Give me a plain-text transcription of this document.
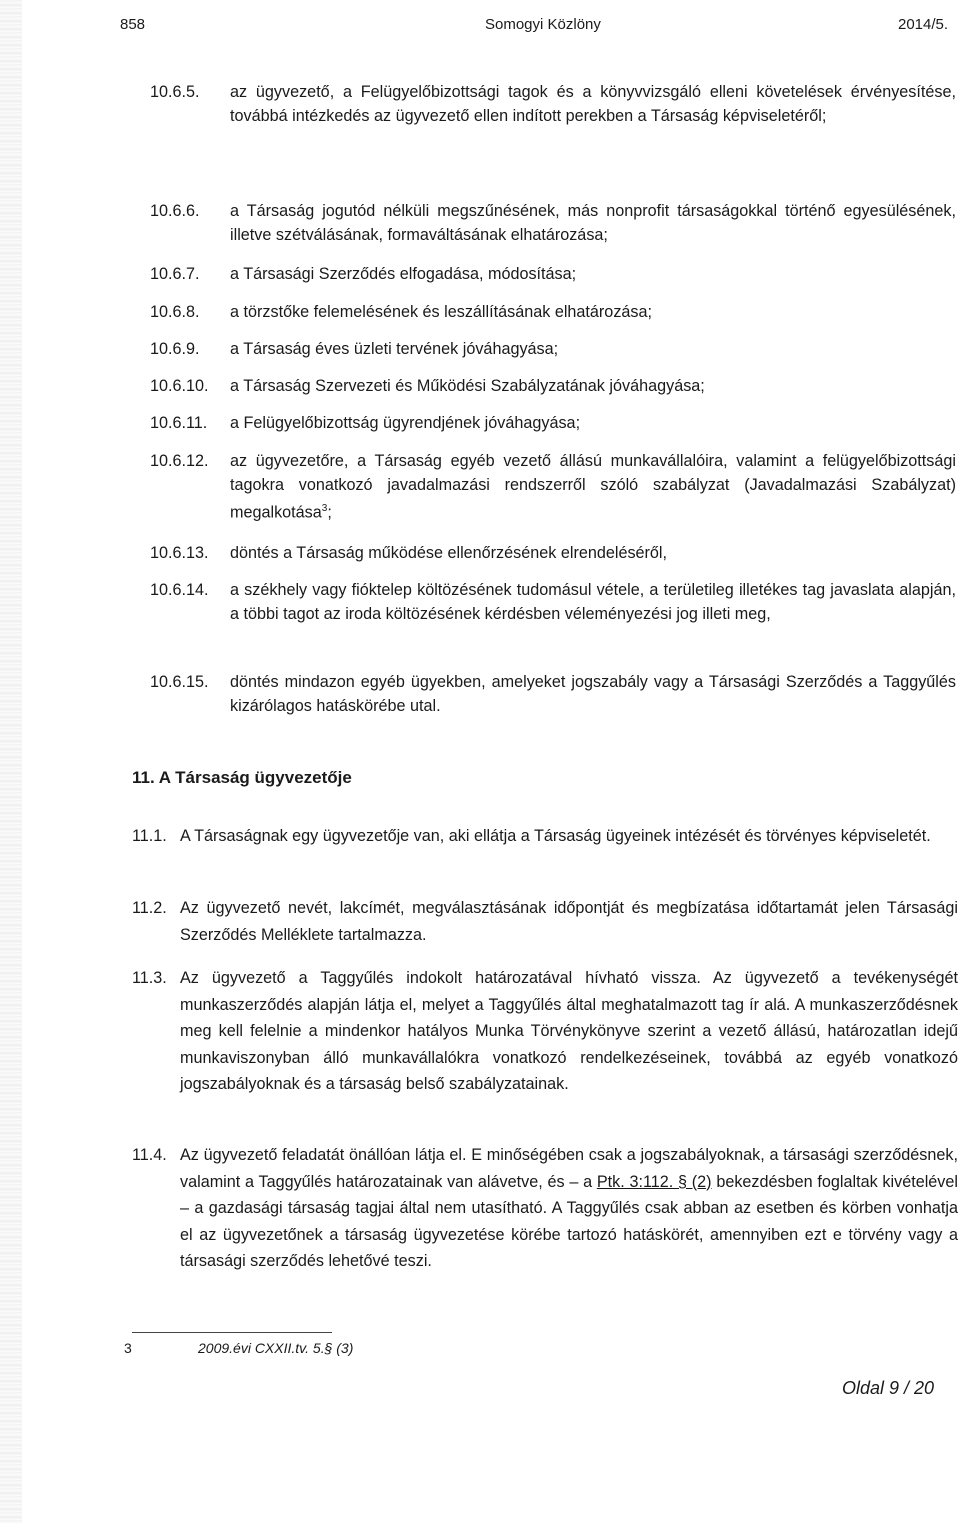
858	Somogyi Közlöny	2014/5.
10.6.5. az ügyvezető, a Felügyelőbizottsági tagok és a könyvvizsgáló elleni követelések érvényesítése, továbbá intézkedés az ügyvezető ellen indított perekben a Társaság képviseletéről;
10.6.6. a Társaság jogutód nélküli megszűnésének, más nonprofit társaságokkal történő egyesülésének, illetve szétválásának, formaváltásának elhatározása;
10.6.7. a Társasági Szerződés elfogadása, módosítása;
10.6.8. a törzstőke felemelésének és leszállításának elhatározása;
10.6.9. a Társaság éves üzleti tervének jóváhagyása;
10.6.10. a Társaság Szervezeti és Működési Szabályzatának jóváhagyása;
10.6.11. a Felügyelőbizottság ügyrendjének jóváhagyása;
10.6.12. az ügyvezetőre, a Társaság egyéb vezető állású munkavállalóira, valamint a felügyelőbizottsági tagokra vonatkozó javadalmazási rendszerről szóló szabályzat (Javadalmazási Szabályzat) megalkotása$^3$;
10.6.13. döntés a Társaság működése ellenőrzésének elrendeléséről,
10.6.14. a székhely vagy fióktelep költözésének tudomásul vétele, a területileg illetékes tag javaslata alapján, a többi tagot az iroda költözésének kérdésben véleményezési jog illeti meg,
10.6.15. döntés mindazon egyéb ügyekben, amelyeket jogszabály vagy a Társasági Szerződés a Taggyűlés kizárólagos hatáskörébe utal.
11. A Társaság ügyvezetője
11.1. A Társaságnak egy ügyvezetője van, aki ellátja a Társaság ügyeinek intézését és törvényes képviseletét.
11.2. Az ügyvezető nevét, lakcímét, megválasztásának időpontját és megbízatása időtartamát jelen Társasági Szerződés Melléklete tartalmazza.
11.3. Az ügyvezető a Taggyűlés indokolt határozatával hívható vissza. Az ügyvezető a tevékenységét munkaszerződés alapján látja el, melyet a Taggyűlés által meghatalmazott tag ír alá. A munkaszerződésnek meg kell felelnie a mindenkor hatályos Munka Törvénykönyve szerint a vezető állású, határozatlan idejű munkaviszonyban álló munkavállalókra vonatkozó rendelkezéseinek, továbbá az egyéb vonatkozó jogszabályoknak és a társaság belső szabályzatainak.
11.4. Az ügyvezető feladatát önállóan látja el. E minőségében csak a jogszabályoknak, a társasági szerződésnek, valamint a Taggyűlés határozatainak van alávetve, és – a Ptk. 3:112. § (2) bekezdésben foglaltak kivételével – a gazdasági társaság tagjai által nem utasítható. A Taggyűlés csak abban az esetben és körben vonhatja el az ügyvezetőnek a társaság ügyvezetése körébe tartozó hatáskörét, amennyiben ezt e törvény vagy a társasági szerződés lehetővé teszi.
3	2009.évi CXXII.tv. 5.§ (3)
Oldal 9 / 20
